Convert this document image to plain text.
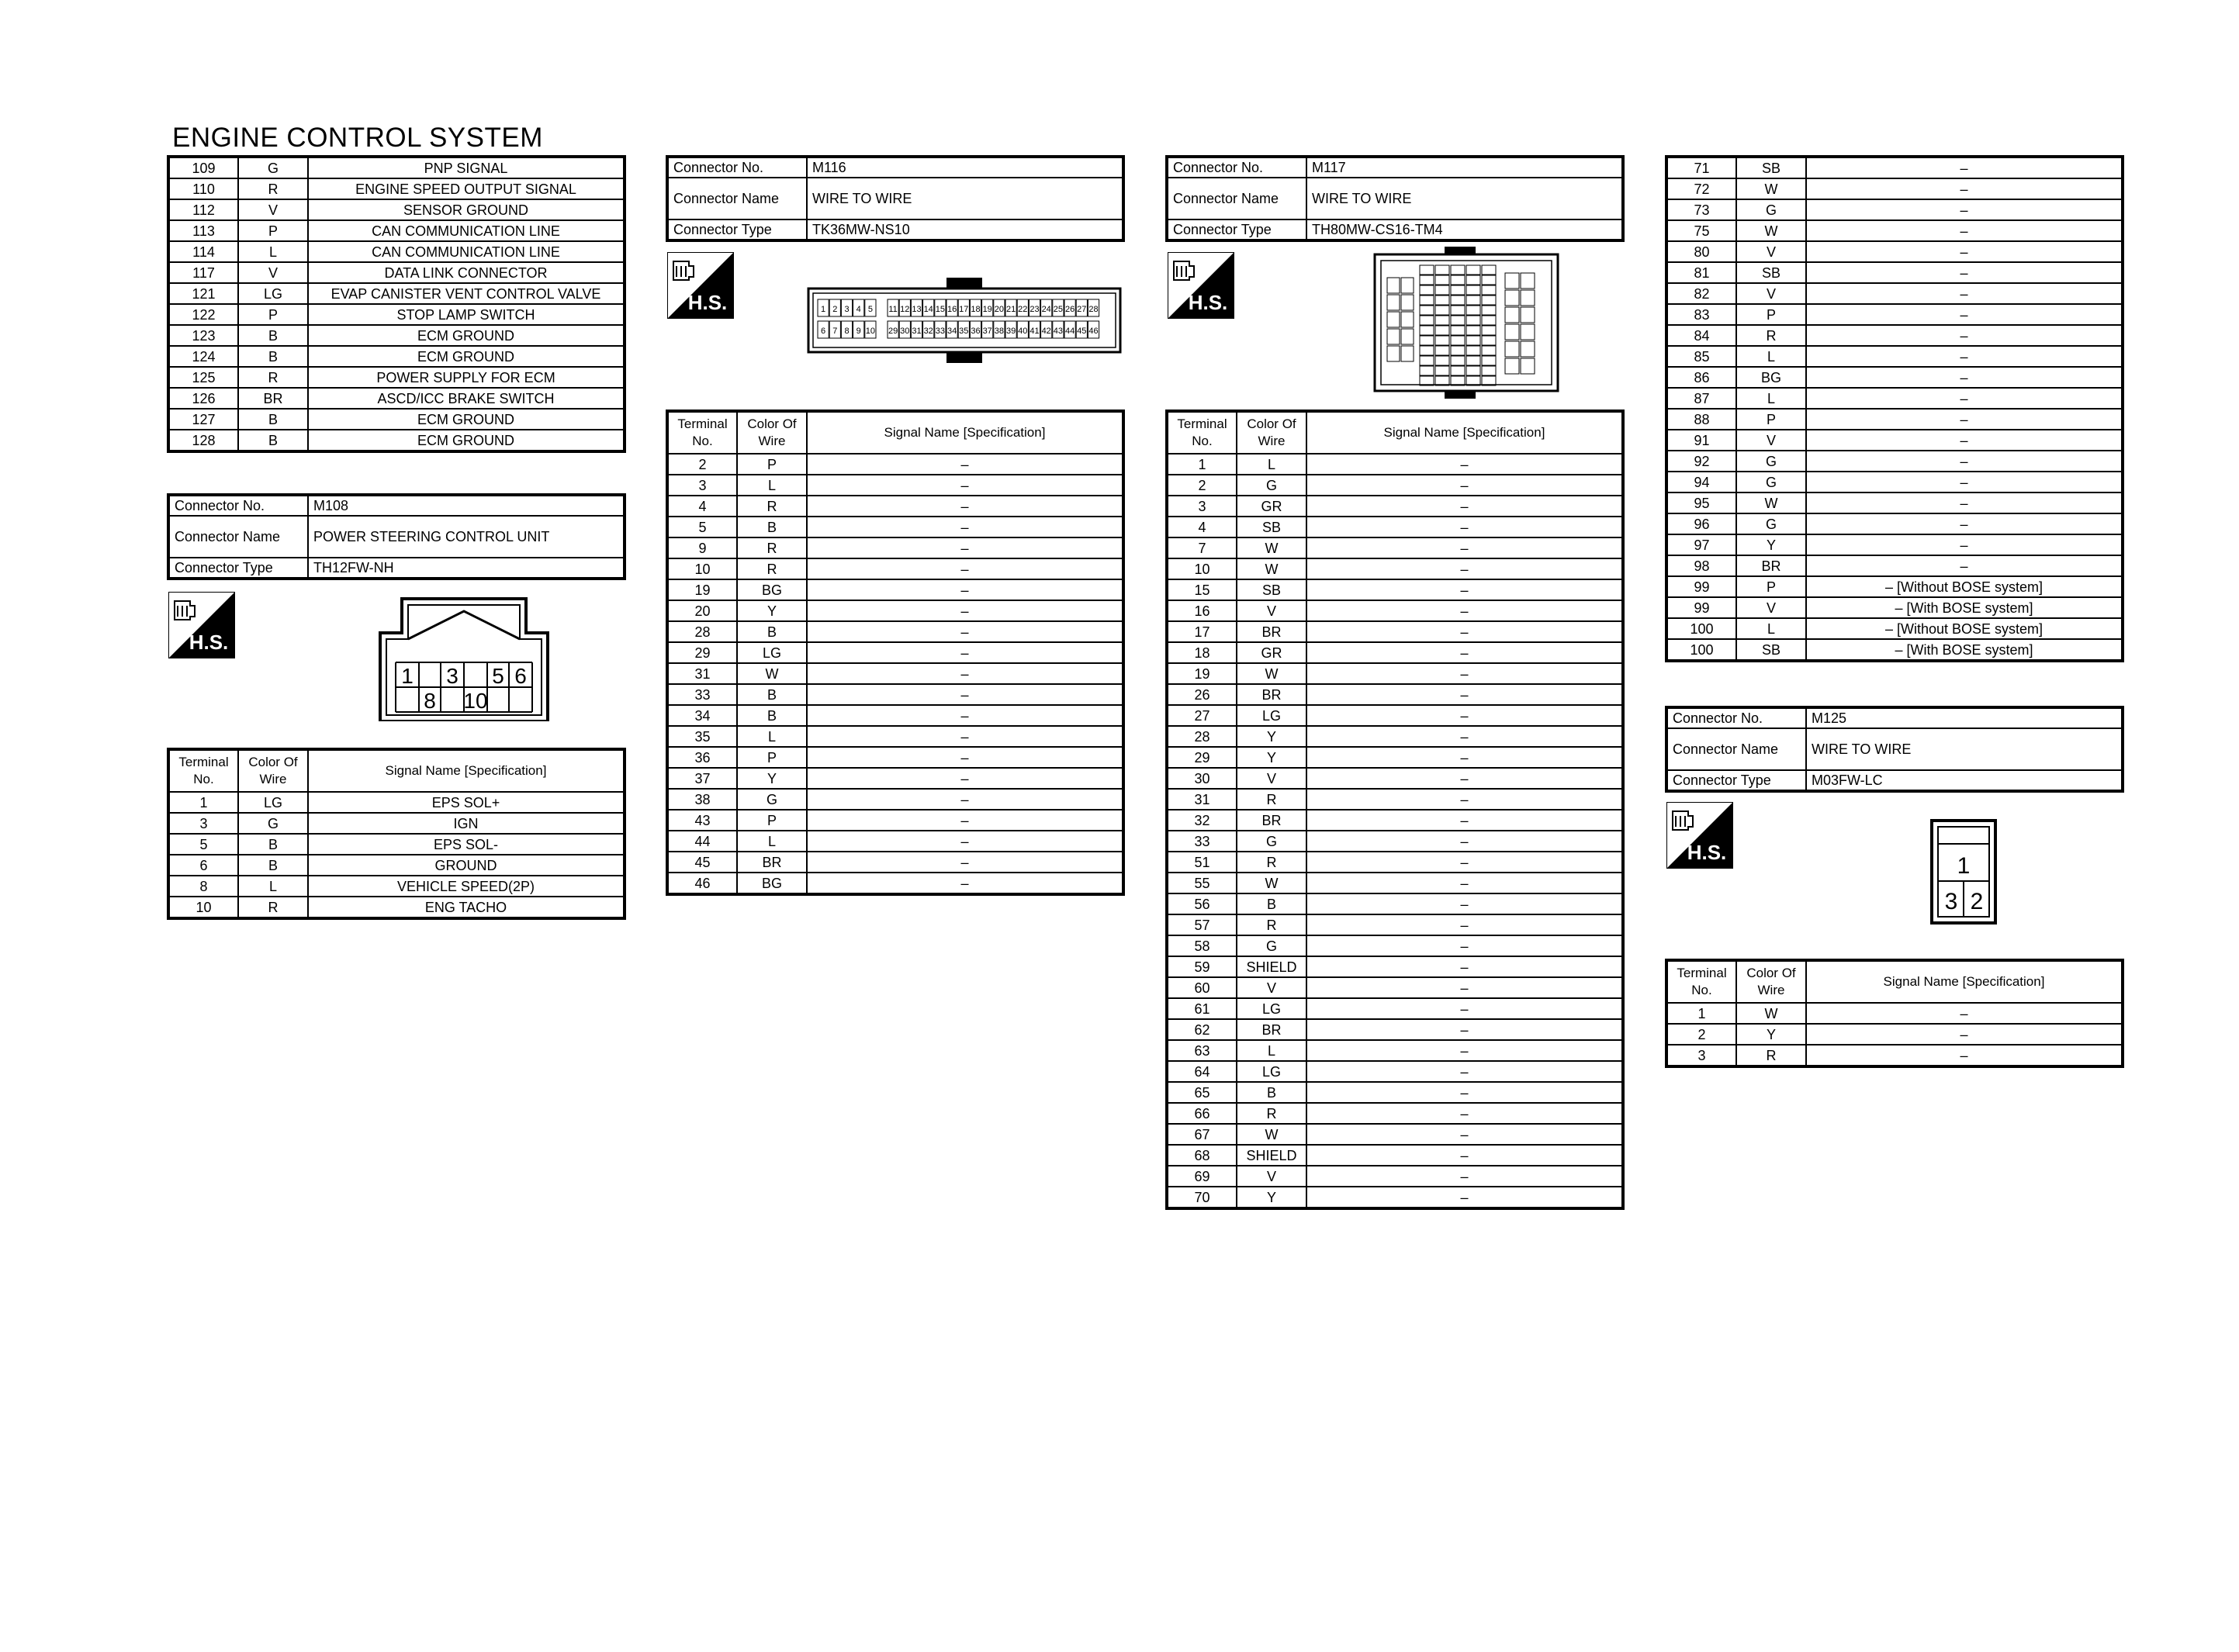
ENGINE CONTROL SYSTEM
109	G	PNP SIGNAL
110	R	ENGINE SPEED OUTPUT SIGNAL
112	V	SENSOR GROUND
113	P	CAN COMMUNICATION LINE
114	L	CAN COMMUNICATION LINE
117	V	DATA LINK CONNECTOR
121	LG	EVAP CANISTER VENT CONTROL VALVE
122	P	STOP LAMP SWITCH
123	B	ECM GROUND
124	B	ECM GROUND
125	R	POWER SUPPLY FOR ECM
126	BR	ASCD/ICC BRAKE SWITCH
127	B	ECM GROUND
128	B	ECM GROUND
Connector No.	M108
Connector Name	POWER STEERING CONTROL UNIT
Connector Type	TH12FW-NH
H.S.
1 3 5 6
8 10
Terminal
No.	Color Of
Wire	Signal Name [Specification]
1	LG	EPS SOL+
3	G	IGN
5	B	EPS SOL-
6	B	GROUND
8	L	VEHICLE SPEED(2P)
10	R	ENG TACHO
Connector No.	M116
Connector Name	WIRE TO WIRE
Connector Type	TK36MW-NS10
H.S.	1 2 3 4 5 11 12 13 14 15 16 17 18 19 20 21 22 23 24 25 26 27 28
6 7 8 9 10 29 30 31 32 33 34 35 36 37 38 39 40 41 42 43 44 45 46
Terminal
No.	Color Of
Wire	Signal Name [Specification]
2	P	–
3	L	–
4	R	–
5	B	–
9	R	–
10	R	–
19	BG	–
20	Y	–
28	B	–
29	LG	–
31	W	–
33	B	–
34	B	–
35	L	–
36	P	–
37	Y	–
38	G	–
43	P	–
44	L	–
45	BR	–
46	BG	–
Connector No.	M117
Connector Name	WIRE TO WIRE
Connector Type	TH80MW-CS16-TM4
H.S.
Terminal
No.	Color Of
Wire	Signal Name [Specification]
1	L	–
2	G	–
3	GR	–
4	SB	–
7	W	–
10	W	–
15	SB	–
16	V	–
17	BR	–
18	GR	–
19	W	–
26	BR	–
27	LG	–
28	Y	–
29	Y	–
30	V	–
31	R	–
32	BR	–
33	G	–
51	R	–
55	W	–
56	B	–
57	R	–
58	G	–
59	SHIELD	–
60	V	–
61	LG	–
62	BR	–
63	L	–
64	LG	–
65	B	–
66	R	–
67	W	–
68	SHIELD	–
69	V	–
70	Y	–
71	SB	–
72	W	–
73	G	–
75	W	–
80	V	–
81	SB	–
82	V	–
83	P	–
84	R	–
85	L	–
86	BG	–
87	L	–
88	P	–
91	V	–
92	G	–
94	G	–
95	W	–
96	G	–
97	Y	–
98	BR	–
99	P	– [Without BOSE system]
99	V	– [With BOSE system]
100	L	– [Without BOSE system]
100	SB	– [With BOSE system]
Connector No.	M125
Connector Name	WIRE TO WIRE
Connector Type	M03FW-LC
H.S.
1
3 2
Terminal
No.	Color Of
Wire	Signal Name [Specification]
1	W	–
2	Y	–
3	R	–
